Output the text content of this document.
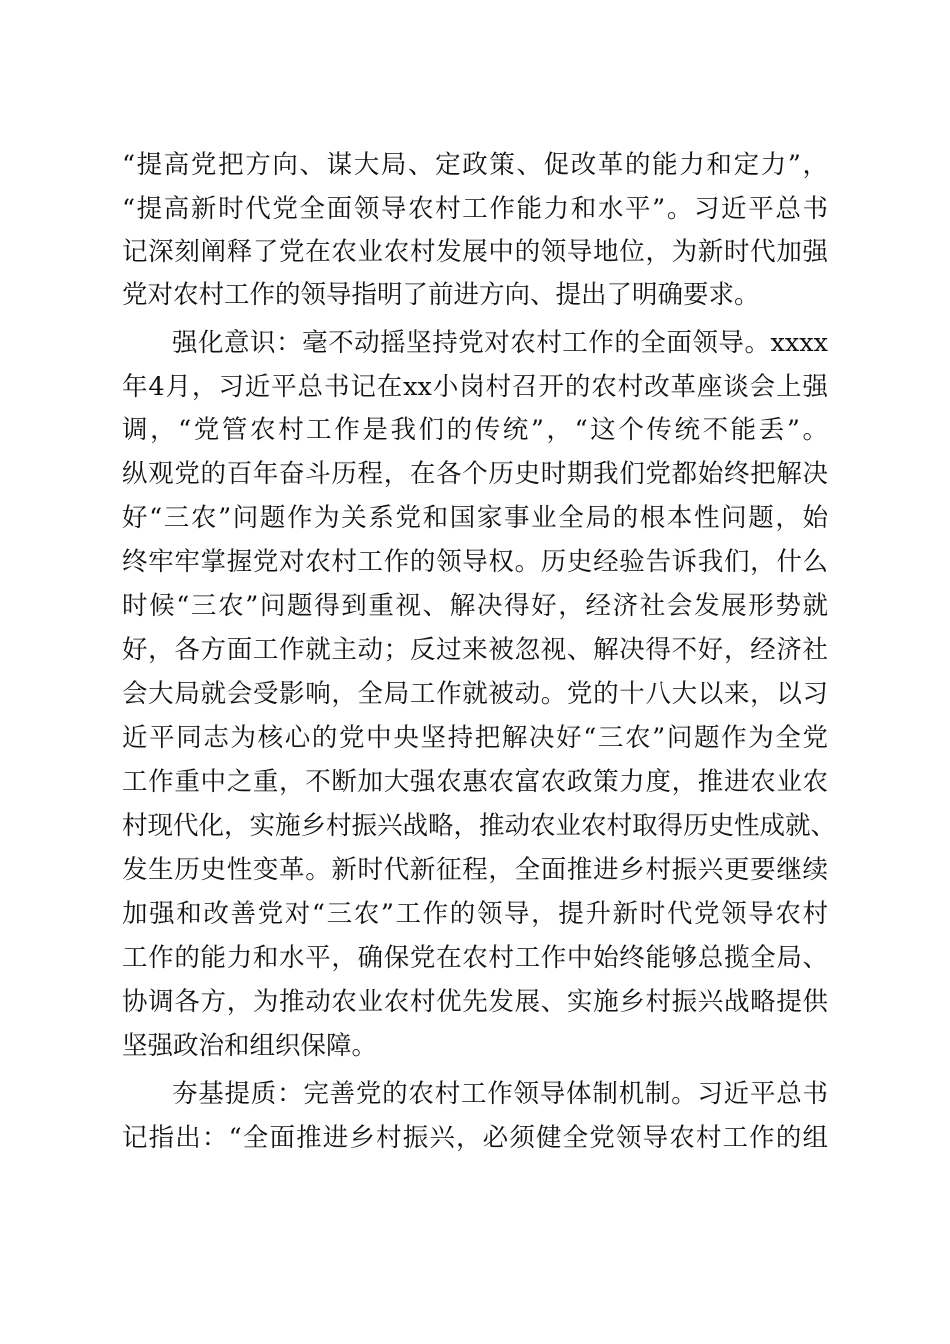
“提高党把方向、谋大局、定政策、促改革的能力和定力”，
“提高新时代党全面领导农村工作能力和水平”。习近平总书
记深刻阐释了党在农业农村发展中的领导地位，为新时代加强
党对农村工作的领导指明了前进方向、提出了明确要求。
强化意识：毫不动摇坚持党对农村工作的全面领导。xxxx
年4月，习近平总书记在xx小岗村召开的农村改革座谈会上强
调，“党管农村工作是我们的传统”，“这个传统不能丢”。
纵观党的百年奋斗历程，在各个历史时期我们党都始终把解决
好“三农”问题作为关系党和国家事业全局的根本性问题，始
终牢牢掌握党对农村工作的领导权。历史经验告诉我们，什么
时候“三农”问题得到重视、解决得好，经济社会发展形势就
好，各方面工作就主动；反过来被忽视、解决得不好，经济社
会大局就会受影响，全局工作就被动。党的十八大以来，以习
近平同志为核心的党中央坚持把解决好“三农”问题作为全党
工作重中之重，不断加大强农惠农富农政策力度，推进农业农
村现代化，实施乡村振兴战略，推动农业农村取得历史性成就、
发生历史性变革。新时代新征程，全面推进乡村振兴更要继续
加强和改善党对“三农”工作的领导，提升新时代党领导农村
工作的能力和水平，确保党在农村工作中始终能够总揽全局、
协调各方，为推动农业农村优先发展、实施乡村振兴战略提供
坚强政治和组织保障。
夯基提质：完善党的农村工作领导体制机制。习近平总书
记指出：“全面推进乡村振兴，必须健全党领导农村工作的组
